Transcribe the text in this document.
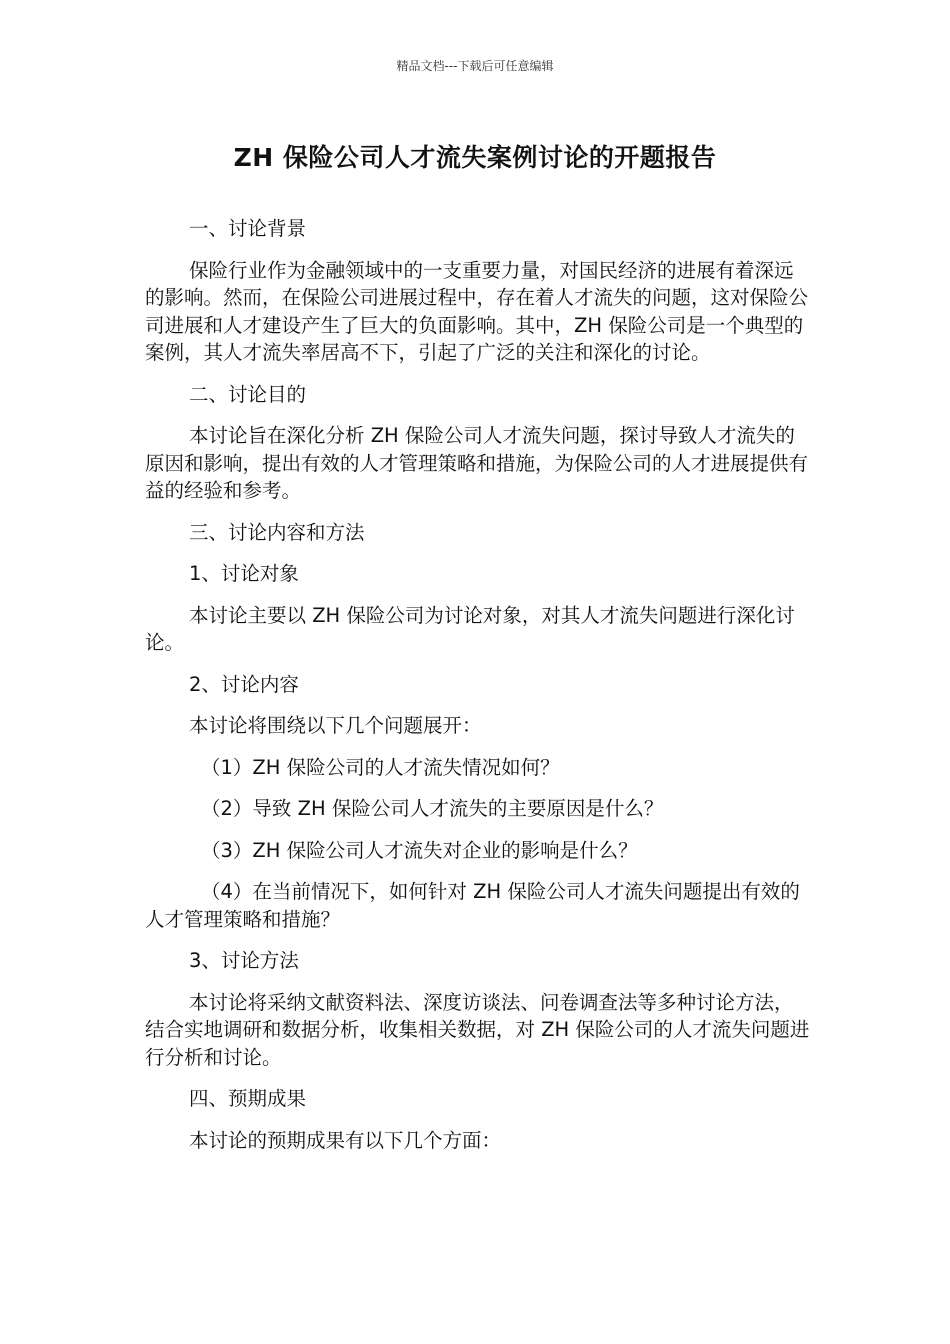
精品文档---下载后可任意编辑
ZH 保险公司人才流失案例讨论的开题报告

一、讨论背景

保险行业作为金融领域中的一支重要力量，对国民经济的进展有着深远的影响。然而，在保险公司进展过程中，存在着人才流失的问题，这对保险公司进展和人才建设产生了巨大的负面影响。其中，ZH 保险公司是一个典型的案例，其人才流失率居高不下，引起了广泛的关注和深化的讨论。

二、讨论目的

本讨论旨在深化分析 ZH 保险公司人才流失问题，探讨导致人才流失的原因和影响，提出有效的人才管理策略和措施，为保险公司的人才进展提供有益的经验和参考。

三、讨论内容和方法

1、讨论对象

本讨论主要以 ZH 保险公司为讨论对象，对其人才流失问题进行深化讨论。

2、讨论内容

本讨论将围绕以下几个问题展开：

（1）ZH 保险公司的人才流失情况如何？

（2）导致 ZH 保险公司人才流失的主要原因是什么？

（3）ZH 保险公司人才流失对企业的影响是什么？

（4）在当前情况下，如何针对 ZH 保险公司人才流失问题提出有效的人才管理策略和措施？

3、讨论方法

本讨论将采纳文献资料法、深度访谈法、问卷调查法等多种讨论方法，结合实地调研和数据分析，收集相关数据，对 ZH 保险公司的人才流失问题进行分析和讨论。

四、预期成果

本讨论的预期成果有以下几个方面：
